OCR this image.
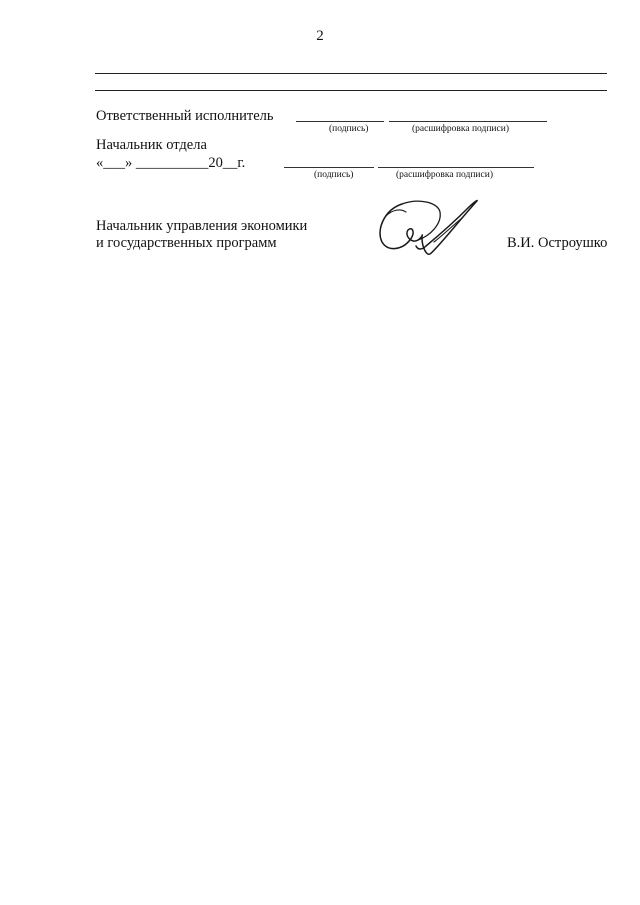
2
Ответственный исполнитель
(подпись)	(расшифровка подписи)
Начальник отдела
«___» __________20__г.
(подпись)	(расшифровка подписи)
Начальник управления экономики
и государственных программ	В.И. Остроушко
